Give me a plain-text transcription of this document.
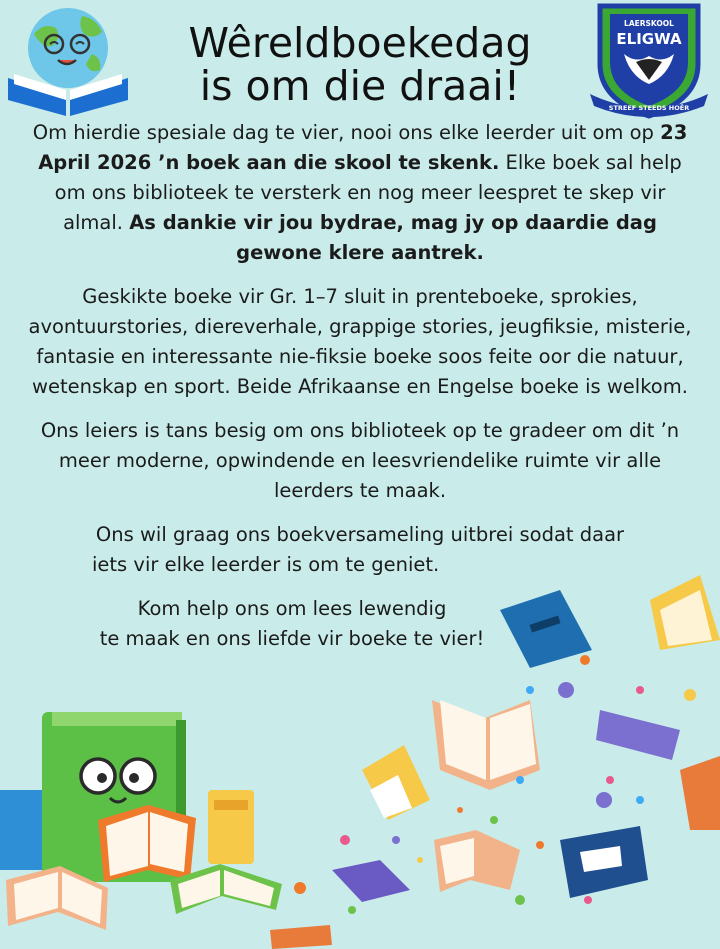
Wêreldboekedag
is om die draai!
LAERSKOOL
ELIGWA
STREEF STEEDS HOËR

Om hierdie spesiale dag te vier, nooi ons elke leerder uit om op 23 April 2026 ’n boek aan die skool te skenk. Elke boek sal help om ons biblioteek te versterk en nog meer leespret te skep vir almal. As dankie vir jou bydrae, mag jy op daardie dag gewone klere aantrek.

Geskikte boeke vir Gr. 1–7 sluit in prenteboeke, sprokies, avontuurstories, diereverhale, grappige stories, jeugfiksie, misterie, fantasie en interessante nie-fiksie boeke soos feite oor die natuur, wetenskap en sport. Beide Afrikaanse en Engelse boeke is welkom.

Ons leiers is tans besig om ons biblioteek op te gradeer om dit ’n meer moderne, opwindende en leesvriendelike ruimte vir alle leerders te maak.

Ons wil graag ons boekversameling uitbrei sodat daar
iets vir elke leerder is om te geniet.

Kom help ons om lees lewendig
te maak en ons liefde vir boeke te vier!
